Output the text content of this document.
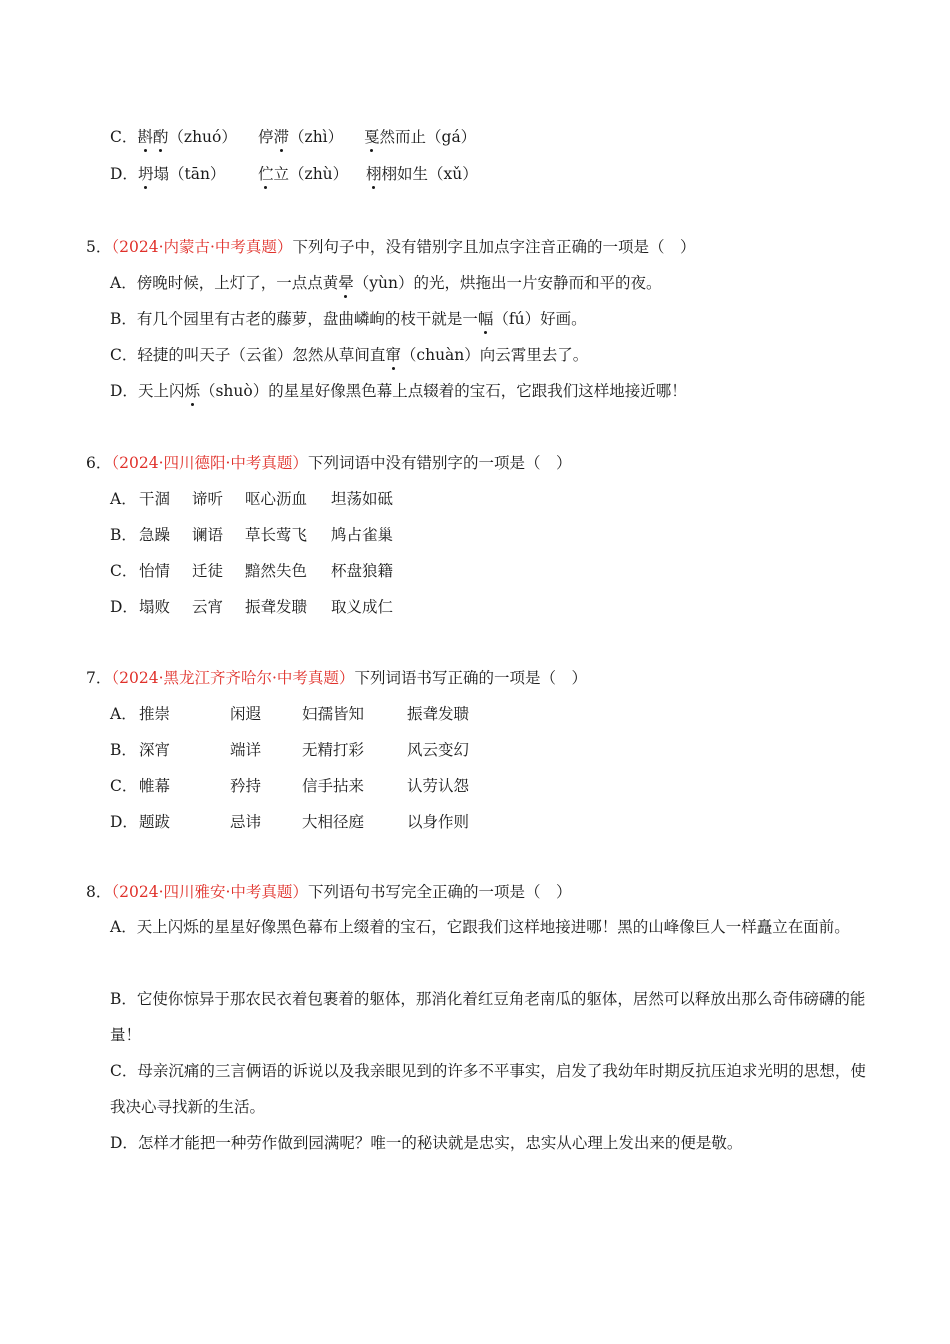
C．斟酌（zhuó） 停滞（zhì） 戛然而止（gá）
D．坍塌（tān） 伫立（zhù） 栩栩如生（xǔ）
5．（2024·内蒙古·中考真题）下列句子中，没有错别字且加点字注音正确的一项是（　）
A．傍晚时候，上灯了，一点点黄晕（yùn）的光，烘拖出一片安静而和平的夜。
B．有几个园里有古老的藤萝，盘曲嶙峋的枝干就是一幅（fú）好画。
C．轻捷的叫天子（云雀）忽然从草间直窜（chuàn）向云霄里去了。
D．天上闪烁（shuò）的星星好像黑色幕上点辍着的宝石，它跟我们这样地接近哪！
6．（2024·四川德阳·中考真题）下列词语中没有错别字的一项是（　）
A． 干涸 谛听 呕心沥血 坦荡如砥
B． 急躁 谰语 草长莺飞 鸠占雀巢
C． 怡情 迁徒 黯然失色 杯盘狼籍
D． 塌败 云宵 振聋发聩 取义成仁
7．（2024·黑龙江齐齐哈尔·中考真题）下列词语书写正确的一项是（　）
A． 推崇	闲遐	妇孺皆知	振聋发聩
B． 深宵	端详	无精打彩	风云变幻
C． 帷幕	矜持	信手拈来	认劳认怨
D． 题跋	忌讳	大相径庭	以身作则
8．（2024·四川雅安·中考真题）下列语句书写完全正确的一项是（　）
A．天上闪烁的星星好像黑色幕布上缀着的宝石，它跟我们这样地接进哪！黑的山峰像巨人一样矗立在面前。
B．它使你惊异于那农民衣着包裹着的躯体，那消化着红豆角老南瓜的躯体，居然可以释放出那么奇伟磅礴的能量！
C．母亲沉痛的三言俩语的诉说以及我亲眼见到的许多不平事实，启发了我幼年时期反抗压迫求光明的思想，使我决心寻找新的生活。
D．怎样才能把一种劳作做到园满呢？唯一的秘诀就是忠实，忠实从心理上发出来的便是敬。
